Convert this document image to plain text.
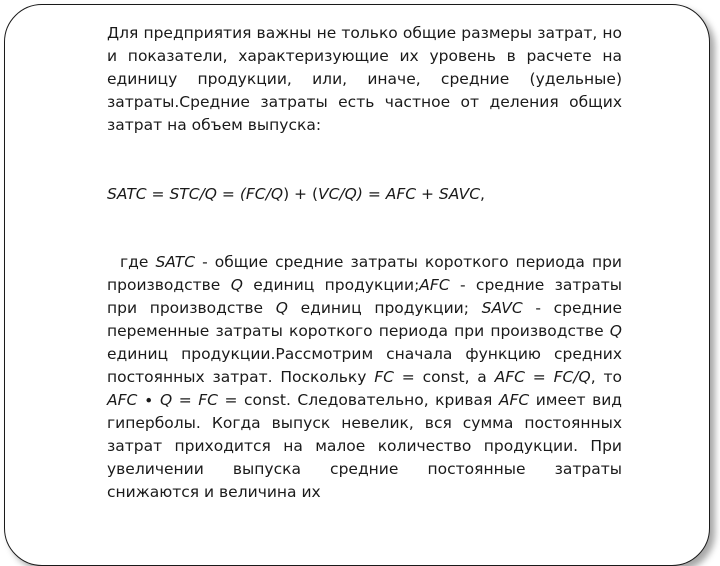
Для предприятия важны не только общие размеры затрат, но и показатели, характеризующие их уровень в расчете на единицу продукции, или, иначе, средние (удельные) затраты.Средние затраты есть частное от деления общих затрат на объем выпуска:

SATC = STC/Q = (FC/Q) + (VC/Q) = AFC + SAVC,

где SATC - общие средние затраты короткого периода при производстве Q единиц продукции;AFC - средние затраты при производстве Q единиц продукции; SAVC - средние переменные затраты короткого периода при производстве Q единиц продукции.Рассмотрим сначала функцию средних постоянных затрат. Поскольку FC = const, а AFC = FC/Q, то AFC ∙ Q = FC = const. Следовательно, кривая AFC имеет вид гиперболы. Когда выпуск невелик, вся сумма постоянных затрат приходится на малое количество продукции. При увеличении выпуска средние постоянные затраты снижаются и величина их
